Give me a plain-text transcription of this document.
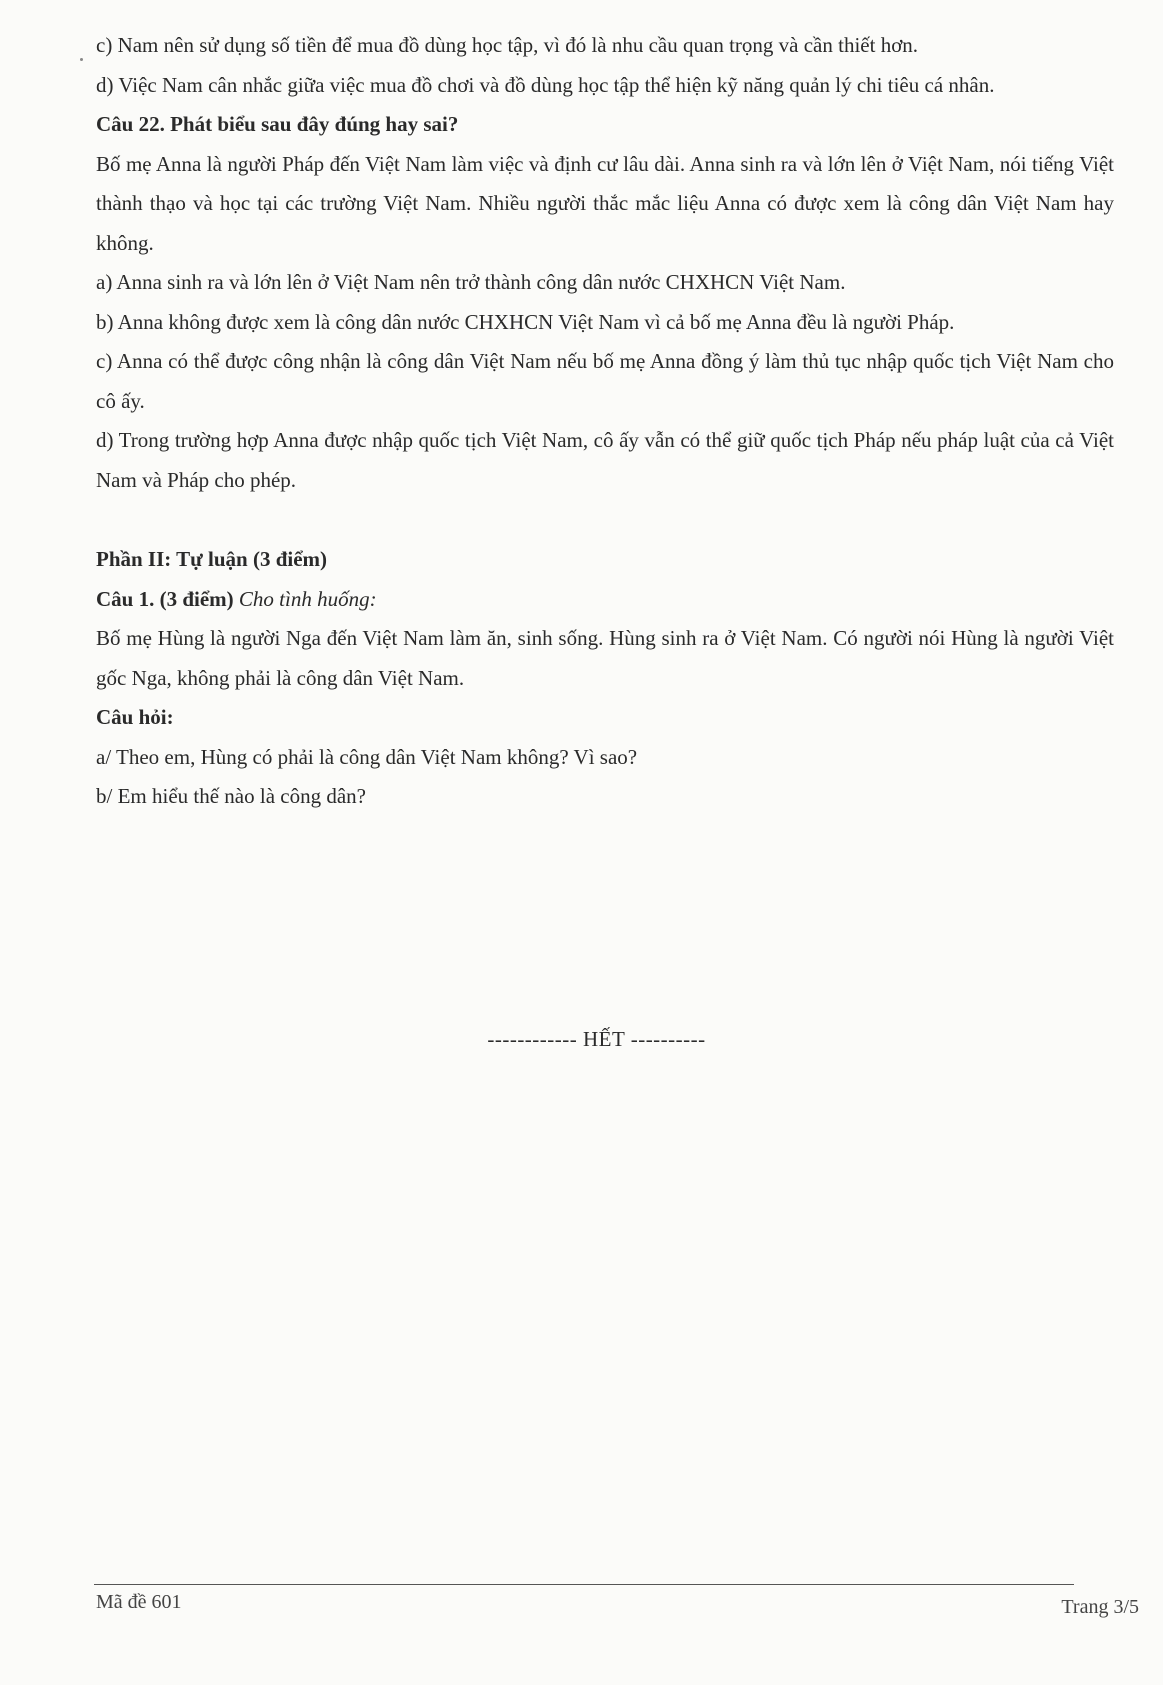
c) Nam nên sử dụng số tiền để mua đồ dùng học tập, vì đó là nhu cầu quan trọng và cần thiết hơn.

d) Việc Nam cân nhắc giữa việc mua đồ chơi và đồ dùng học tập thể hiện kỹ năng quản lý chi tiêu cá nhân.

Câu 22. Phát biểu sau đây đúng hay sai?

Bố mẹ Anna là người Pháp đến Việt Nam làm việc và định cư lâu dài. Anna sinh ra và lớn lên ở Việt Nam, nói tiếng Việt thành thạo và học tại các trường Việt Nam. Nhiều người thắc mắc liệu Anna có được xem là công dân Việt Nam hay không.

a) Anna sinh ra và lớn lên ở Việt Nam nên trở thành công dân nước CHXHCN Việt Nam.

b) Anna không được xem là công dân nước CHXHCN Việt Nam vì cả bố mẹ Anna đều là người Pháp.

c) Anna có thể được công nhận là công dân Việt Nam nếu bố mẹ Anna đồng ý làm thủ tục nhập quốc tịch Việt Nam cho cô ấy.

d) Trong trường hợp Anna được nhập quốc tịch Việt Nam, cô ấy vẫn có thể giữ quốc tịch Pháp nếu pháp luật của cả Việt Nam và Pháp cho phép.

Phần II: Tự luận (3 điểm)

Câu 1. (3 điểm) Cho tình huống:

Bố mẹ Hùng là người Nga đến Việt Nam làm ăn, sinh sống. Hùng sinh ra ở Việt Nam. Có người nói Hùng là người Việt gốc Nga, không phải là công dân Việt Nam.

Câu hỏi:

a/ Theo em, Hùng có phải là công dân Việt Nam không? Vì sao?

b/ Em hiểu thế nào là công dân?

------------ HẾT ----------
Mã đề 601	Trang 3/5
